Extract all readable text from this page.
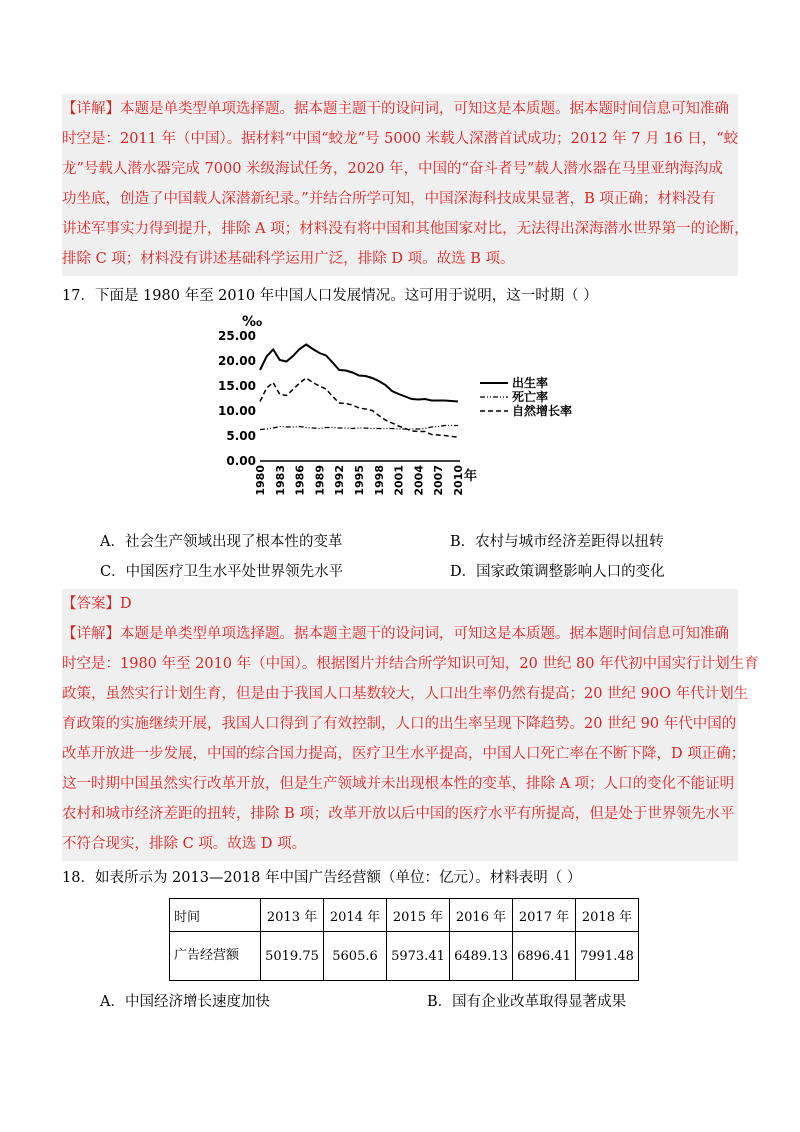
【详解】本题是单类型单项选择题。据本题主题干的设问词，可知这是本质题。据本题时间信息可知准确
时空是：2011 年（中国）。据材料“中国“蛟龙”号 5000 米载人深潜首试成功；2012 年 7 月 16 日，“蛟
龙”号载人潜水器完成 7000 米级海试任务，2020 年，中国的“奋斗者号”载人潜水器在马里亚纳海沟成
功坐底，创造了中国载人深潜新纪录。”并结合所学可知，中国深海科技成果显著，B 项正确；材料没有
讲述军事实力得到提升，排除 A 项；材料没有将中国和其他国家对比，无法得出深海潜水世界第一的论断，
排除 C 项；材料没有讲述基础科学运用广泛，排除 D 项。故选 B 项。
17．下面是 1980 年至 2010 年中国人口发展情况。这可用于说明，这一时期（ ）
‰
0.00
5.00
10.00
15.00
20.00
25.00
1980 1983 1986 1989 1992 1995 1998 2001 2004 2007 2010 年
出生率
死亡率
自然增长率
A．社会生产领域出现了根本性的变革	B．农村与城市经济差距得以扭转
C．中国医疗卫生水平处世界领先水平	D．国家政策调整影响人口的变化
【答案】D
【详解】本题是单类型单项选择题。据本题主题干的设问词，可知这是本质题。据本题时间信息可知准确
时空是：1980 年至 2010 年（中国）。根据图片并结合所学知识可知，20 世纪 80 年代初中国实行计划生育
政策，虽然实行计划生育，但是由于我国人口基数较大，人口出生率仍然有提高；20 世纪 90O 年代计划生
育政策的实施继续开展，我国人口得到了有效控制，人口的出生率呈现下降趋势。20 世纪 90 年代中国的
改革开放进一步发展，中国的综合国力提高，医疗卫生水平提高，中国人口死亡率在不断下降，D 项正确；
这一时期中国虽然实行改革开放，但是生产领域并未出现根本性的变革，排除 A 项；人口的变化不能证明
农村和城市经济差距的扭转，排除 B 项；改革开放以后中国的医疗水平有所提高，但是处于世界领先水平
不符合现实，排除 C 项。故选 D 项。
18．如表所示为 2013—2018 年中国广告经营额（单位：亿元）。材料表明（ ）
时间	2013 年	2014 年	2015 年	2016 年	2017 年	2018 年
广告经营额	5019.75	5605.6	5973.41	6489.13	6896.41	7991.48
A．中国经济增长速度加快	B．国有企业改革取得显著成果
